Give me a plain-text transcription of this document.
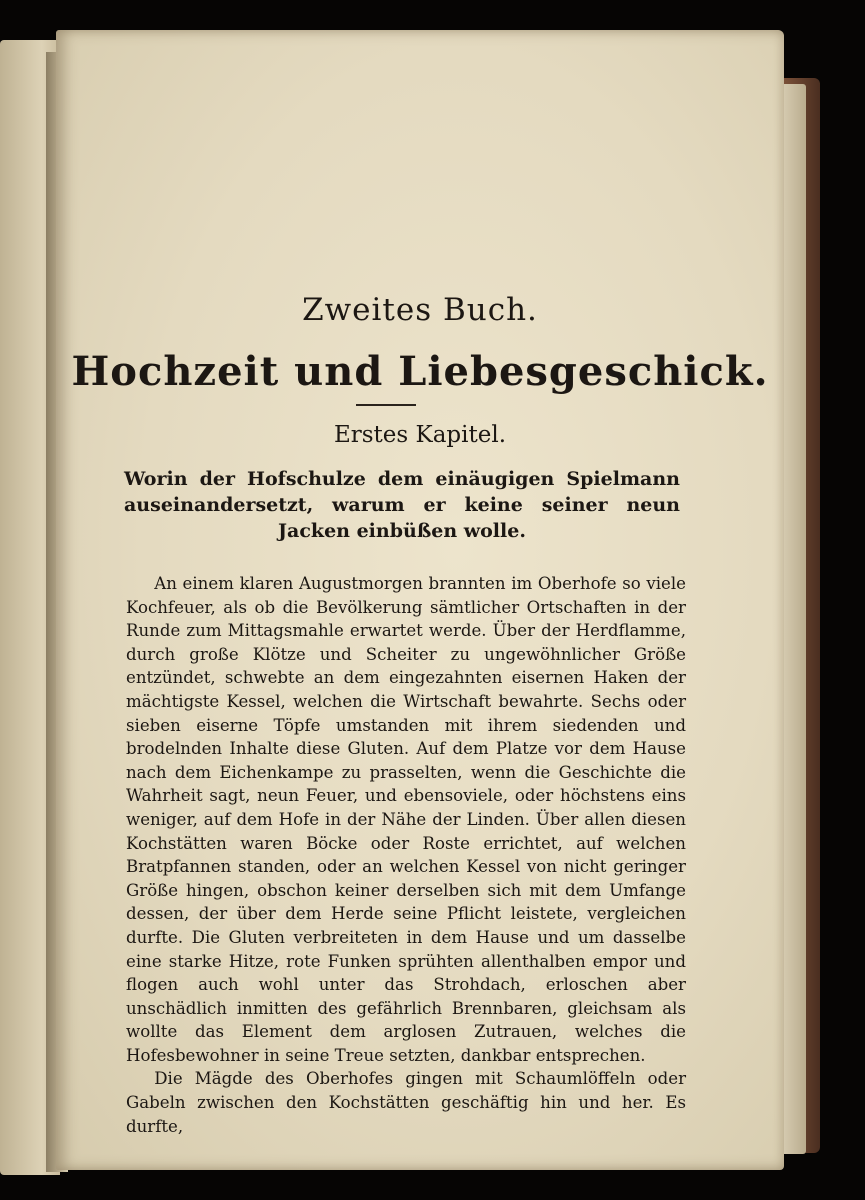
Zweites Buch.
Hochzeit und Liebesgeschick.
Erstes Kapitel.
Worin der Hofschulze dem einäugigen Spielmann auseinandersetzt, warum er keine seiner neun Jacken einbüßen wolle.

An einem klaren Augustmorgen brannten im Oberhofe so viele Kochfeuer, als ob die Bevölkerung sämtlicher Ortschaften in der Runde zum Mittagsmahle erwartet werde. Über der Herdflamme, durch große Klötze und Scheiter zu ungewöhnlicher Größe entzündet, schwebte an dem eingezahnten eisernen Haken der mächtigste Kessel, welchen die Wirtschaft bewahrte. Sechs oder sieben eiserne Töpfe umstanden mit ihrem siedenden und brodelnden Inhalte diese Gluten. Auf dem Platze vor dem Hause nach dem Eichenkampe zu prasselten, wenn die Geschichte die Wahrheit sagt, neun Feuer, und ebensoviele, oder höchstens eins weniger, auf dem Hofe in der Nähe der Linden. Über allen diesen Kochstätten waren Böcke oder Roste errichtet, auf welchen Bratpfannen standen, oder an welchen Kessel von nicht geringer Größe hingen, obschon keiner derselben sich mit dem Umfange dessen, der über dem Herde seine Pflicht leistete, vergleichen durfte. Die Gluten verbreiteten in dem Hause und um dasselbe eine starke Hitze, rote Funken sprühten allenthalben empor und flogen auch wohl unter das Strohdach, erloschen aber unschädlich inmitten des gefährlich Brennbaren, gleichsam als wollte das Element dem arglosen Zutrauen, welches die Hofesbewohner in seine Treue setzten, dankbar entsprechen.

Die Mägde des Oberhofes gingen mit Schaumlöffeln oder Gabeln zwischen den Kochstätten geschäftig hin und her. Es durfte,
